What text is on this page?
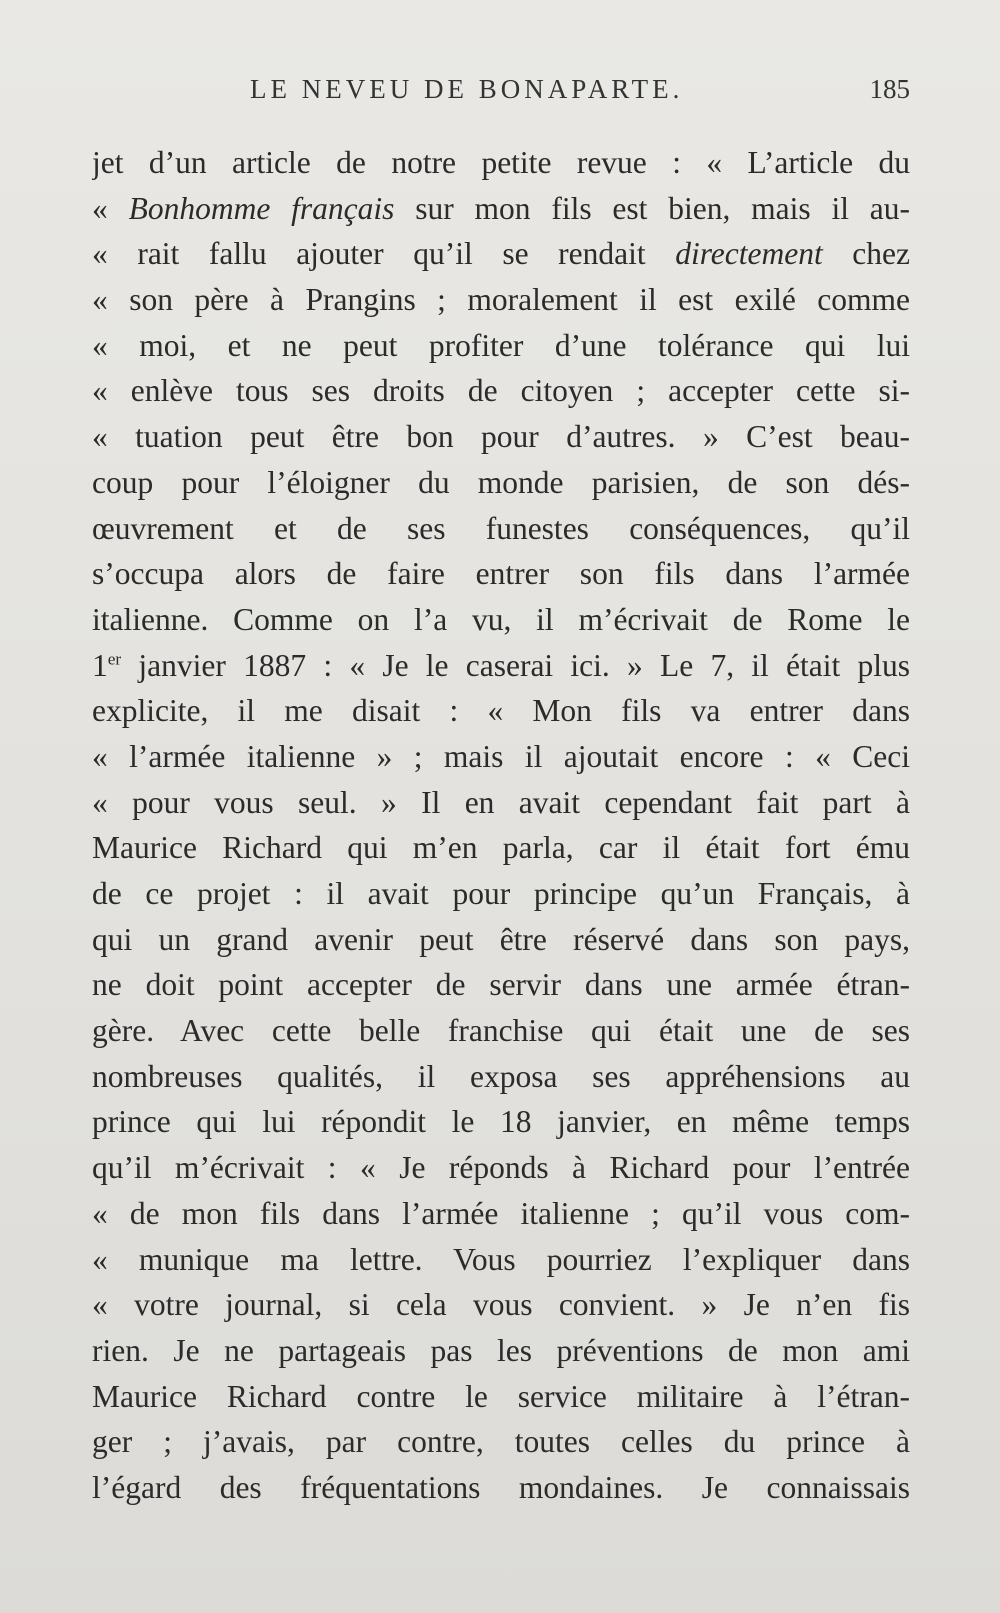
LE NEVEU DE BONAPARTE.	185
jet d’un article de notre petite revue : « L’article du
« Bonhomme français sur mon fils est bien, mais il au-
« rait fallu ajouter qu’il se rendait directement chez
« son père à Prangins ; moralement il est exilé comme
« moi, et ne peut profiter d’une tolérance qui lui
« enlève tous ses droits de citoyen ; accepter cette si-
« tuation peut être bon pour d’autres. » C’est beau-
coup pour l’éloigner du monde parisien, de son dés-
œuvrement et de ses funestes conséquences, qu’il
s’occupa alors de faire entrer son fils dans l’armée
italienne. Comme on l’a vu, il m’écrivait de Rome le
1er janvier 1887 : « Je le caserai ici. » Le 7, il était plus
explicite, il me disait : « Mon fils va entrer dans
« l’armée italienne » ; mais il ajoutait encore : « Ceci
« pour vous seul. » Il en avait cependant fait part à
Maurice Richard qui m’en parla, car il était fort ému
de ce projet : il avait pour principe qu’un Français, à
qui un grand avenir peut être réservé dans son pays,
ne doit point accepter de servir dans une armée étran-
gère. Avec cette belle franchise qui était une de ses
nombreuses qualités, il exposa ses appréhensions au
prince qui lui répondit le 18 janvier, en même temps
qu’il m’écrivait : « Je réponds à Richard pour l’entrée
« de mon fils dans l’armée italienne ; qu’il vous com-
« munique ma lettre. Vous pourriez l’expliquer dans
« votre journal, si cela vous convient. » Je n’en fis
rien. Je ne partageais pas les préventions de mon ami
Maurice Richard contre le service militaire à l’étran-
ger ; j’avais, par contre, toutes celles du prince à
l’égard des fréquentations mondaines. Je connaissais
